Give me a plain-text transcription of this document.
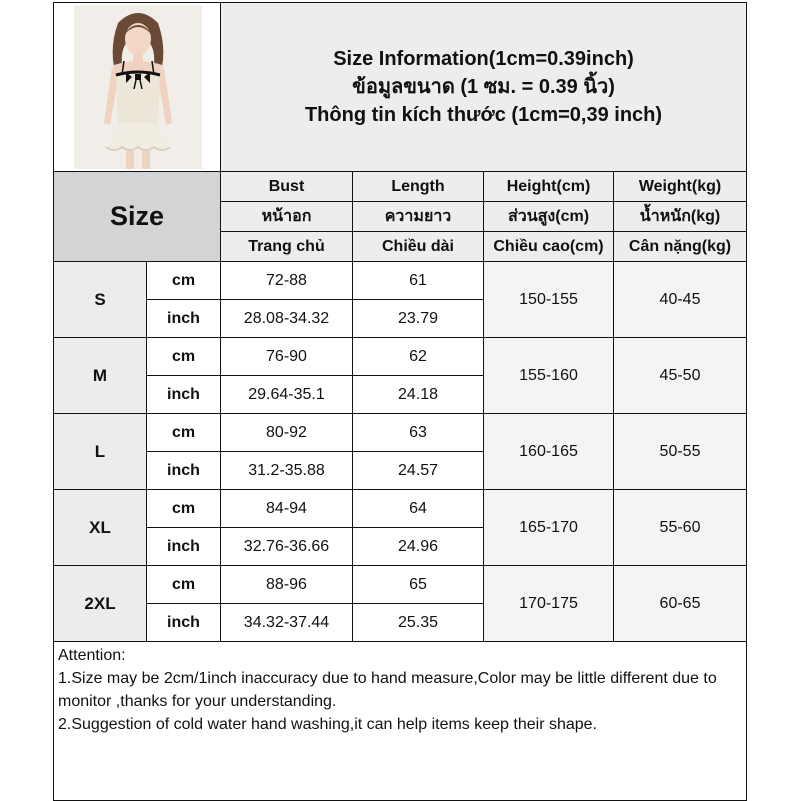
Size Information(1cm=0.39inch)
ข้อมูลขนาด (1 ซม. = 0.39 นิ้ว)
Thông tin kích thước (1cm=0,39 inch)			

Size		Bust	Length	Height(cm)	Weight(kg)
		หน้าอก	ความยาว	ส่วนสูง(cm)	น้ำหนัก(kg)
		Trang chủ	Chiều dài	Chiều cao(cm)	Cân nặng(kg)
S	cm	72-88	61	150-155	40-45
	inch	28.08-34.32	23.79		
M	cm	76-90	62	155-160	45-50
	inch	29.64-35.1	24.18		
L	cm	80-92	63	160-165	50-55
	inch	31.2-35.88	24.57		
XL	cm	84-94	64	165-170	55-60
	inch	32.76-36.66	24.96		
2XL	cm	88-96	65	170-175	60-65
	inch	34.32-37.44	25.35		

Attention:
1.Size may be 2cm/1inch inaccuracy due to hand measure,Color may be little different due to monitor ,thanks for your understanding.
2.Suggestion of cold water hand washing,it can help items keep their shape.					
